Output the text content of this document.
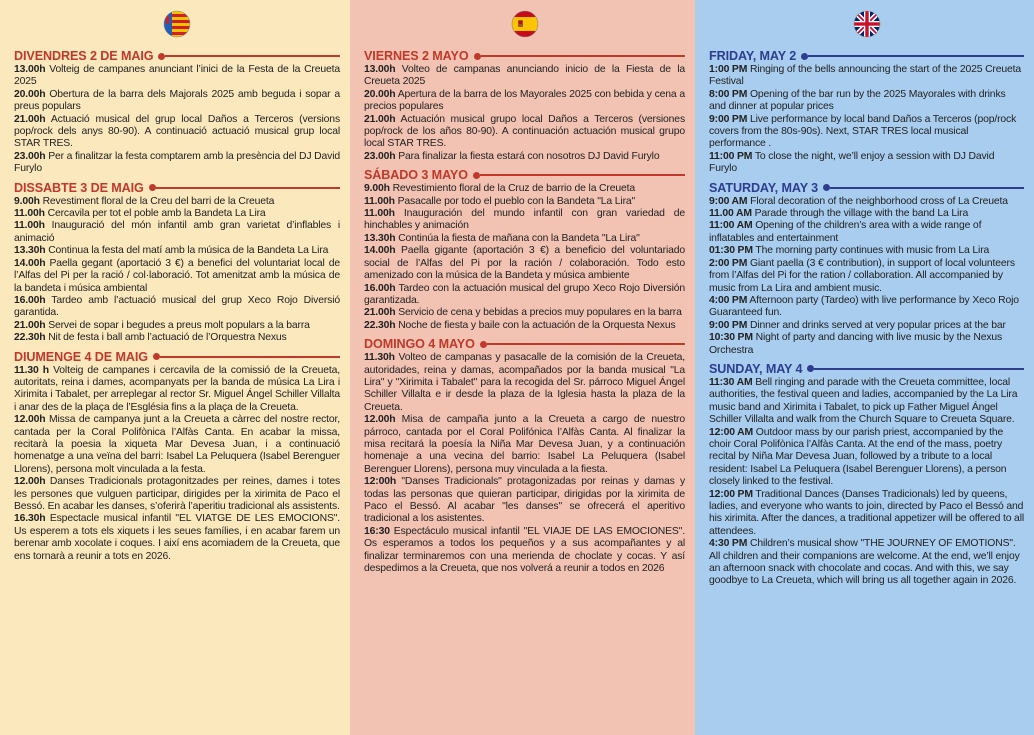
DIVENDRES 2 DE MAIG

13.00h Volteig de campanes anunciant l’inici de la Festa de la Creueta 2025

20.00h Obertura de la barra dels Majorals 2025 amb beguda i sopar a preus populars

21.00h Actuació musical del grup local Daños a Terceros (versions pop/rock dels anys 80-90). A continuació actuació musical grup local STAR TRES.

23.00h Per a finalitzar la festa comptarem amb la presència del DJ David Furylo

DISSABTE 3 DE MAIG

9.00h Revestiment floral de la Creu del barri de la Creueta

11.00h Cercavila per tot el poble amb la Bandeta La Lira

11.00h Inauguració del món infantil amb gran varietat d’inflables i animació

13.30h Continua la festa del matí amb la música de la Bandeta La Lira

14.00h Paella gegant (aportació 3 €) a benefici del voluntariat local de l’Alfas del Pi per la ració / col·laboració. Tot amenitzat amb la música de la bandeta i música ambiental

16.00h Tardeo amb l’actuació musical del grup Xeco Rojo Diversió garantida.

21.00h Servei de sopar i begudes a preus molt populars a la barra

22.30h Nit de festa i ball amb l’actuació de l’Orquestra Nexus

DIUMENGE 4 DE MAIG

11.30 h Volteig de campanes i cercavila de la comissió de la Creueta, autoritats, reina i dames, acompanyats per la banda de música La Lira i Xirimita i Tabalet, per arreplegar al rector Sr. Miguel Ángel Schiller Villalta i anar des de la plaça de l’Església fins a la plaça de la Creueta.

12.00h Missa de campanya junt a la Creueta a càrrec del nostre rector, cantada per la Coral Polifònica l’Alfàs Canta. En acabar la missa, recitarà la poesia la xiqueta Mar Devesa Juan, i a continuació homenatge a una veïna del barri: Isabel La Peluquera (Isabel Berenguer Llorens), persona molt vinculada a la festa.

12.00h Danses Tradicionals protagonitzades per reines, dames i totes les persones que vulguen participar, dirigides per la xirimita de Paco el Bessó. En acabar les danses, s’oferirà l’aperitiu tradicional als assistents.

16.30h Espectacle musical infantil "EL VIATGE DE LES EMOCIONS". Us esperem a tots els xiquets i les seues famílies, i en acabar farem un berenar amb xocolate i coques. I així ens acomiadem de la Creueta, que ens tornarà a reunir a tots en 2026.

VIERNES 2 MAYO

13.00h Volteo de campanas anunciando inicio de la Fiesta de la Creueta 2025

20.00h Apertura de la barra de los Mayorales 2025 con bebida y cena a precios populares

21.00h Actuación musical grupo local Daños a Terceros (versiones pop/rock de los años 80-90). A continuación actuación musical grupo local STAR TRES.

23.00h Para finalizar la fiesta estará con nosotros DJ David Furylo

SÁBADO 3 MAYO

9.00h Revestimiento floral de la Cruz de barrio de la Creueta

11.00h Pasacalle por todo el pueblo con la Bandeta "La Lira"

11.00h Inauguración del mundo infantil con gran variedad de hinchables y animación

13.30h Continúa la fiesta de mañana con la Bandeta "La Lira"

14.00h Paella gigante (aportación 3 €) a beneficio del voluntariado social de l’Alfas del Pi por la ración / colaboración. Todo esto amenizado con la música de la Bandeta y música ambiente

16.00h Tardeo con la actuación musical del grupo Xeco Rojo Diversión garantizada.

21.00h Servicio de cena y bebidas a precios muy populares en la barra

22.30h Noche de fiesta y baile con la actuación de la Orquesta Nexus

DOMINGO 4 MAYO

11.30h Volteo de campanas y pasacalle de la comisión de la Creueta, autoridades, reina y damas, acompañados por la banda musical "La Lira" y "Xirimita i Tabalet" para la recogida del Sr. párroco Miguel Ángel Schiller Villalta e ir desde la plaza de la Iglesia hasta la plaza de la Creueta.

12.00h Misa de campaña junto a la Creueta a cargo de nuestro párroco, cantada por el Coral Polifónica l’Alfàs Canta. Al finalizar la misa recitará la poesía la Niña Mar Devesa Juan, y a continuación homenaje a una vecina del barrio: Isabel La Peluquera (Isabel Berenguer Llorens), persona muy vinculada a la fiesta.

12:00h "Danses Tradicionals" protagonizadas por reinas y damas y todas las personas que quieran participar, dirigidas por la xirimita de Paco el Bessó. Al acabar "les danses" se ofrecerá el aperitivo tradicional a los asistentes.

16:30 Espectáculo musical infantil "EL VIAJE DE LAS EMOCIONES". Os esperamos a todos los pequeños y a sus acompañantes y al finalizar terminaremos con una merienda de choclate y cocas. Y así despedimos a la Creueta, que nos volverá a reunir a todos en 2026

FRIDAY, MAY 2

1:00 PM Ringing of the bells announcing the start of the 2025 Creueta Festival

8:00 PM Opening of the bar run by the 2025 Mayorales with drinks and dinner at popular prices

9:00 PM Live performance by local band Daños a Terceros (pop/rock covers from the 80s-90s). Next, STAR TRES local musical performance .

11:00 PM To close the night, we’ll enjoy a session with DJ David Furylo

SATURDAY, MAY 3

9:00 AM Floral decoration of the neighborhood cross of La Creueta

11.00 AM Parade through the village with the band La Lira

11:00 AM Opening of the children’s area with a wide range of inflatables and entertainment

01:30 PM The morning party continues with music from La Lira

2:00 PM Giant paella (3 € contribution), in support of local volunteers from l’Alfas del Pi for the ration / collaboration. All accompanied by music from La Lira and ambient music.

4:00 PM Afternoon party (Tardeo) with live performance by Xeco Rojo Guaranteed fun.

9:00 PM Dinner and drinks served at very popular prices at the bar

10:30 PM Night of party and dancing with live music by the Nexus Orchestra

SUNDAY, MAY 4

11:30 AM Bell ringing and parade with the Creueta committee, local authorities, the festival queen and ladies, accompanied by the La Lira music band and Xirimita i Tabalet, to pick up Father Miguel Ángel Schiller Villalta and walk from the Church Square to Creueta Square.

12:00 AM Outdoor mass by our parish priest, accompanied by the choir Coral Polifònica l’Alfàs Canta. At the end of the mass, poetry recital by Niña Mar Devesa Juan, followed by a tribute to a local resident: Isabel La Peluquera (Isabel Berenguer Llorens), a person closely linked to the festival.

12:00 PM Traditional Dances (Danses Tradicionals) led by queens, ladies, and everyone who wants to join, directed by Paco el Bessó and his xirimita. After the dances, a traditional appetizer will be offered to all attendees.

4:30 PM Children’s musical show "THE JOURNEY OF EMOTIONS". All children and their companions are welcome. At the end, we’ll enjoy an afternoon snack with chocolate and cocas. And with this, we say goodbye to La Creueta, which will bring us all together again in 2026.
